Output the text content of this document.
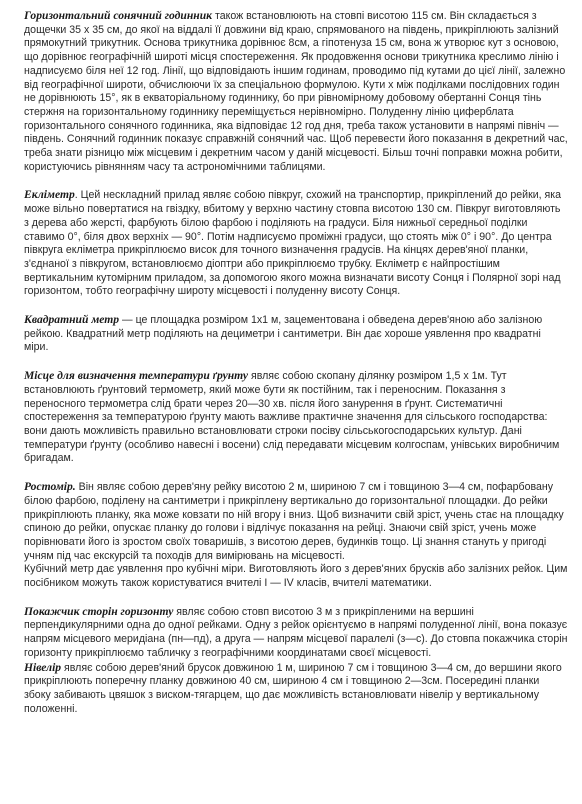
Горизонтальний сонячний годинник також встановлюють на стовпі висотою 115 см. Він складається з дощечки 35 x 35 см, до якої на віддалі її довжини від краю, спрямованого на південь, прикріплюють залізний прямокутний трикутник. Основа трикутника дорівнює 8см, а гіпотенуза 15 см, вона ж утворює кут з основою, що дорівнює географічній широті місця спостереження. Як продовження основи трикутника креслимо лінію і надписуємо біля неї 12 год. Лінії, що відповідають іншим годинам, проводимо під кутами до цієї лінії, залежно від географічної широти, обчислюючи їх за спеціальною формулою. Кути х між поділками послідовних годин не дорівнюють 15°, як в екваторіальному годиннику, бо при рівномірному добовому обертанні Сонця тінь стержня на горизонтальному годиннику переміщується нерівномірно. Полуденну лінію циферблата горизонтального сонячного годинника, яка відповідає 12 год дня, треба також установити в напрямі північ — південь. Сонячний годинник показує справжній сонячний час. Щоб перевести його показання в декретний час, треба знати різницю між місцевим і декретним часом у даній місцевості. Більш точні поправки можна робити, користуючись рівнянням часу та астрономічними таблицями.

Екліметр. Цей нескладний прилад являє собою півкруг, схожий на транспортир, прикріплений до рейки, яка може вільно повертатися на гвіздку, вбитому у верхню частину стовпа висотою 130 см. Півкруг виготовляють з дерева або жерсті, фарбують білою фарбою і поділяють на градуси. Біля нижньої середньої поділки ставимо 0°, біля двох верхніх — 90°. Потім надписуємо проміжні градуси, що стоять між 0° і 90°. До центра півкруга екліметра прикріплюємо висок для точного визначення градусів. На кінцях дерев'яної планки, з'єднаної з півкругом, встановлюємо діоптри або прикріплюємо трубку. Екліметр є найпростішим вертикальним кутомірним приладом, за допомогою якого можна визначати висоту Сонця і Полярної зорі над горизонтом, тобто географічну широту місцевості і полуденну висоту Сонця.

Квадратний метр — це площадка розміром 1x1 м, зацементована і обведена дерев'яною або залізною рейкою. Квадратний метр поділяють на дециметри і сантиметри. Він дає хороше уявлення про квадратні міри.

Місце для визначення температури ґрунту являє собою скопану ділянку розміром 1,5 x 1м. Тут встановлюють ґрунтовий термометр, який може бути як постійним, так і переносним. Показання з переносного термометра слід брати через 20—30 хв. після його занурення в ґрунт. Систематичні спостереження за температурою ґрунту мають важливе практичне значення для сільського господарства: вони дають можливість правильно встановлювати строки посіву сільськогосподарських культур. Дані температури ґрунту (особливо навесні і восени) слід передавати місцевим колгоспам, унівських виробничим бригадам.

Ростомір. Він являє собою дерев'яну рейку висотою 2 м, шириною 7 см і товщиною 3—4 см, пофарбовану білою фарбою, поділену на сантиметри і прикріплену вертикально до горизонтальної площадки. До рейки прикріплюють планку, яка може ковзати по ній вгору і вниз. Щоб визначити свій зріст, учень стає на площадку спиною до рейки, опускає планку до голови і відлічує показання на рейці. Знаючи свій зріст, учень може порівнювати його із зростом своїх товаришів, з висотою дерев, будинків тощо. Ці знання стануть у пригоді учням під час екскурсій та походів для вимірювань на місцевості.
Кубічний метр дає уявлення про кубічні міри. Виготовляють його з дерев'яних брусків або залізних рейок. Цим посібником можуть також користуватися вчителі I — IV класів, вчителі математики.

Покажчик сторін горизонту являє собою стовп висотою 3 м з прикріпленими на вершині перпендикулярними одна до одної рейками. Одну з рейок орієнтуємо в напрямі полуденної лінії, вона показує напрям місцевого меридіана (пн—пд), а друга — напрям місцевої паралелі (з—с). До стовпа покажчика сторін горизонту прикріплюємо табличку з географічними координатами своєї місцевості.

Нівелір являє собою дерев'яний брусок довжиною 1 м, шириною 7 см і товщиною 3—4 см, до вершини якого прикріплюють поперечну планку довжиною 40 см, шириною 4 см і товщиною 2—3см. Посередині планки збоку забивають цвяшок з виском-тягарцем, що дає можливість встановлювати нівелір у вертикальному положенні.
